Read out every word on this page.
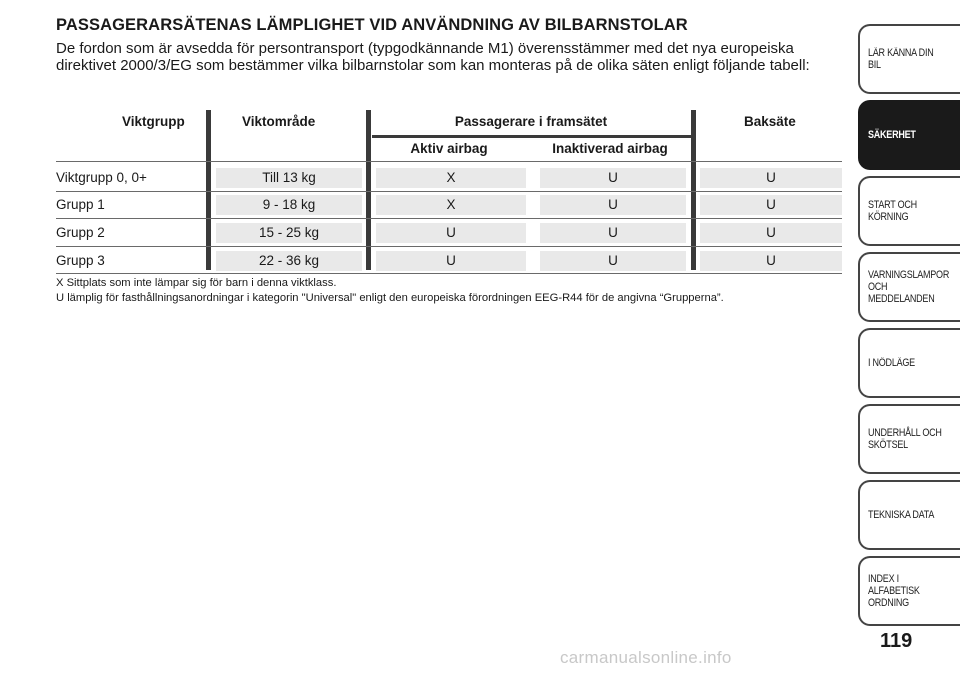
PASSAGERARSÄTENAS LÄMPLIGHET VID ANVÄNDNING AV BILBARNSTOLAR

De fordon som är avsedda för persontransport (typgodkännande M1) överensstämmer med det nya europeiska direktivet 2000/3/EG som bestämmer vilka bilbarnstolar som kan monteras på de olika säten enligt följande tabell:

Viktgrupp	Viktområde	Passagerare i framsätet	Baksäte
Aktiv airbag	Inaktiverad airbag
Viktgrupp 0, 0+	Till 13 kg	X	U	U
Grupp 1	9 - 18 kg	X	U	U
Grupp 2	15 - 25 kg	U	U	U
Grupp 3	22 - 36 kg	U	U	U
X Sittplats som inte lämpar sig för barn i denna viktklass.
U lämplig för fasthållningsanordningar i kategorin "Universal" enligt den europeiska förordningen EEG-R44 för de angivna “Grupperna”.
LÄR KÄNNA DIN BIL
SÄKERHET
START OCH
KÖRNING
VARNINGSLAMPOR
OCH
MEDDELANDEN
I NÖDLÄGE
UNDERHÅLL OCH
SKÖTSEL
TEKNISKA DATA
INDEX I ALFABETISK
ORDNING
119
carmanualsonline.info
